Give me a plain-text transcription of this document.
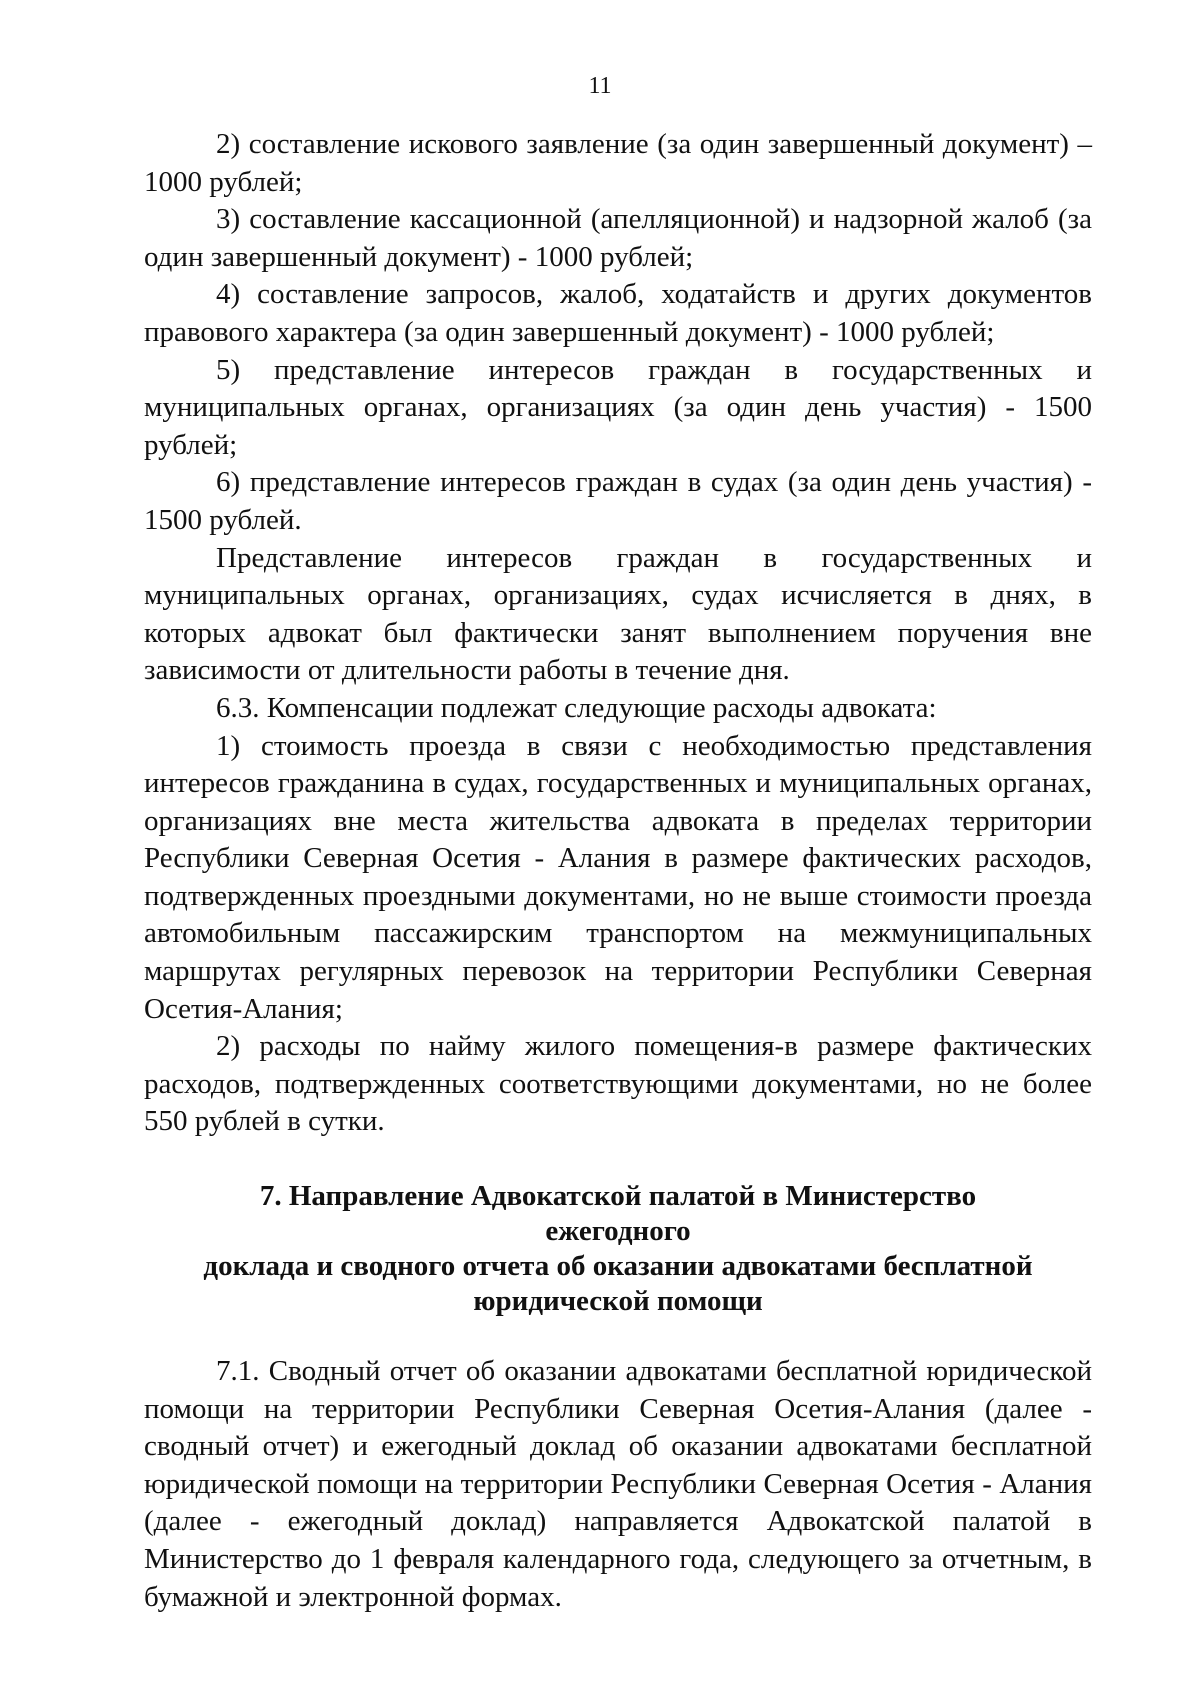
11

2) составление искового заявление (за один завершенный документ) – 1000 рублей;

3) составление кассационной (апелляционной) и надзорной жалоб (за один завершенный документ) - 1000 рублей;

4) составление запросов, жалоб, ходатайств и других документов правового характера (за один завершенный документ) - 1000 рублей;

5) представление интересов граждан в государственных и муниципальных органах, организациях (за один день участия) - 1500 рублей;

6) представление интересов граждан в судах (за один день участия) - 1500 рублей.

Представление интересов граждан в государственных и муниципальных органах, организациях, судах исчисляется в днях, в которых адвокат был фактически занят выполнением поручения вне зависимости от длительности работы в течение дня.

6.3. Компенсации подлежат следующие расходы адвоката:

1) стоимость проезда в связи с необходимостью представления интересов гражданина в судах, государственных и муниципальных органах, организациях вне места жительства адвоката в пределах территории Республики Северная Осетия - Алания в размере фактических расходов, подтвержденных проездными документами, но не выше стоимости проезда автомобильным пассажирским транспортом на межмуниципальных маршрутах регулярных перевозок на территории Республики Северная Осетия-Алания;

2) расходы по найму жилого помещения-в размере фактических расходов, подтвержденных соответствующими документами, но не более 550 рублей в сутки.

7. Направление Адвокатской палатой в Министерство ежегодного
доклада и сводного отчета об оказании адвокатами бесплатной
юридической помощи

7.1. Сводный отчет об оказании адвокатами бесплатной юридической помощи на территории Республики Северная Осетия-Алания (далее - сводный отчет) и ежегодный доклад об оказании адвокатами бесплатной юридической помощи на территории Республики Северная Осетия - Алания (далее - ежегодный доклад) направляется Адвокатской палатой в Министерство до 1 февраля календарного года, следующего за отчетным, в бумажной и электронной формах.
